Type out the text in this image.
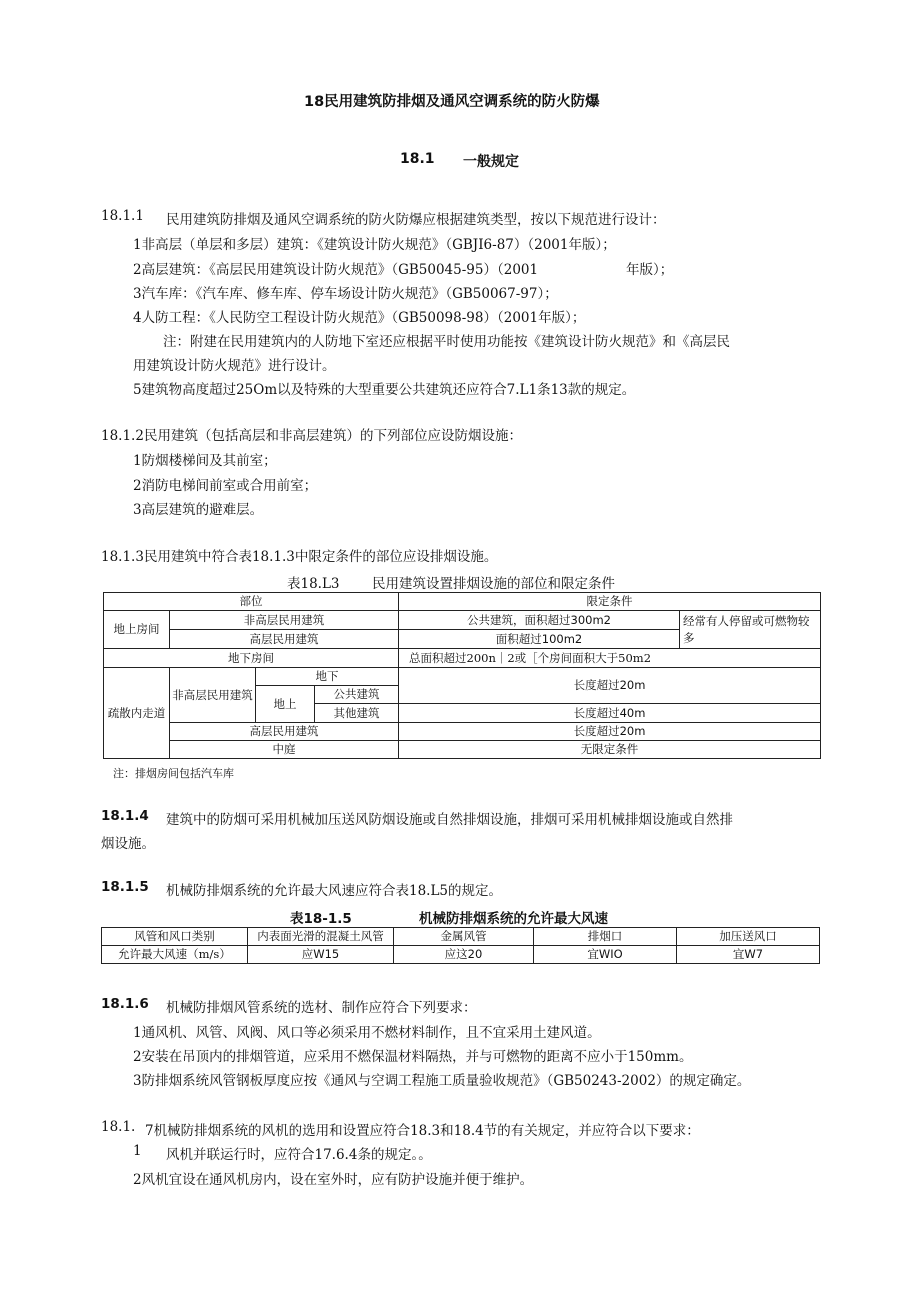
18民用建筑防排烟及通风空调系统的防火防爆
18.1 一般规定
18.1.1 民用建筑防排烟及通风空调系统的防火防爆应根据建筑类型，按以下规范进行设计：
1非高层（单层和多层）建筑：《建筑设计防火规范》（GBJI6-87）（2001年版）；
2高层建筑：《高层民用建筑设计防火规范》（GB50045-95）（2001	年版）；
3汽车库：《汽车库、修车库、停车场设计防火规范》（GB50067-97）；
4人防工程：《人民防空工程设计防火规范》（GB50098-98）（2001年版）；
注：附建在民用建筑内的人防地下室还应根据平时使用功能按《建筑设计防火规范》和《高层民
用建筑设计防火规范》进行设计。
5建筑物高度超过25Om以及特殊的大型重要公共建筑还应符合7.L1条13款的规定。
18.1.2民用建筑（包括高层和非高层建筑）的下列部位应设防烟设施：
1防烟楼梯间及其前室；
2消防电梯间前室或合用前室；
3高层建筑的避难层。
18.1.3民用建筑中符合表18.1.3中限定条件的部位应设排烟设施。
表18.L3 民用建筑设置排烟设施的部位和限定条件
部位				限定条件	
地上房间	非高层民用建筑			公共建筑，面积超过300m2	经常有人停留或可燃物较多
	高层民用建筑			面积超过100m2	
地下房间				总面积超过200n｜2或［个房间面积大于50m2	
疏散内走道	非高层民用建筑	地下		长度超过20m	
		地上	公共建筑		
			其他建筑	长度超过40m	
	高层民用建筑			长度超过20m	
	中庭			无限定条件	
注：排烟房间包括汽车库
18.1.4 建筑中的防烟可采用机械加压送风防烟设施或自然排烟设施，排烟可采用机械排烟设施或自然排
烟设施。
18.1.5 机械防排烟系统的允许最大风速应符合表18.L5的规定。
表18-1.5	机械防排烟系统的允许最大风速
风管和风口类别	内表面光滑的混凝土风管	金属风管	排烟口	加压送风口
允许最大风速（m/s）	应W15	应这20	宜WIO	宜W7
18.1.6 机械防排烟风管系统的选材、制作应符合下列要求：
1通风机、风管、风阀、风口等必须采用不燃材料制作，且不宜采用土建风道。
2安装在吊顶内的排烟管道，应采用不燃保温材料隔热，并与可燃物的距离不应小于150mm。
3防排烟系统风管钢板厚度应按《通风与空调工程施工质量验收规范》（GB50243-2002）的规定确定。
18.1. 7机械防排烟系统的风机的选用和设置应符合18.3和18.4节的有关规定，并应符合以下要求：
1 风机并联运行时，应符合17.6.4条的规定。。
2风机宜设在通风机房内，设在室外时，应有防护设施并便于维护。
